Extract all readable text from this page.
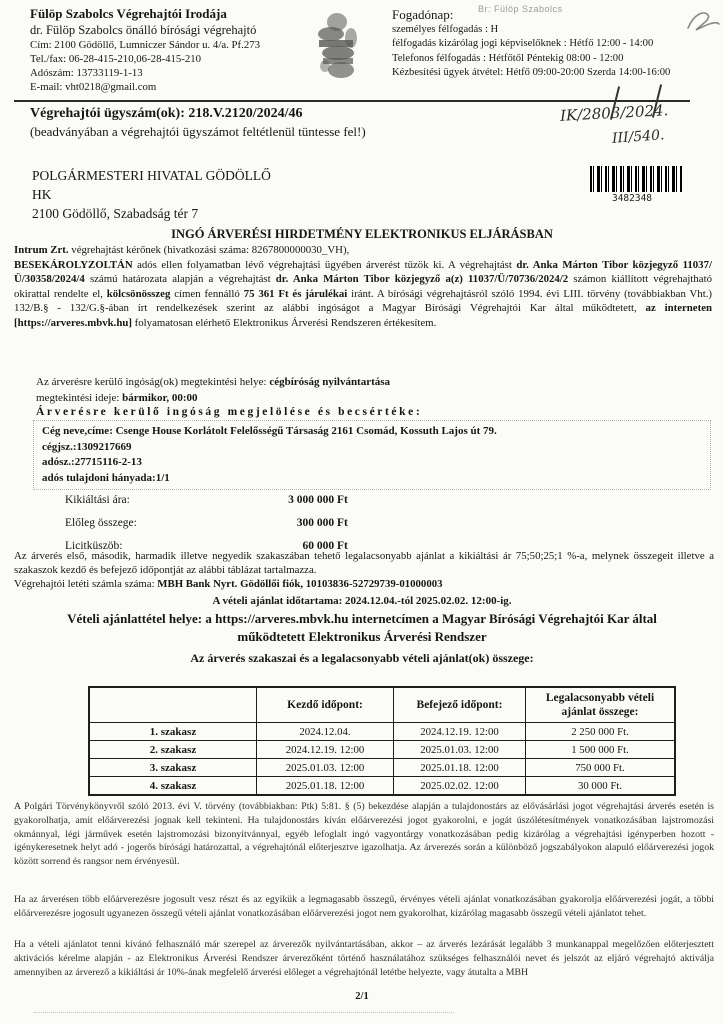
Fülöp Szabolcs Végrehajtói Irodája
dr. Fülöp Szabolcs önálló bírósági végrehajtó
Cím: 2100 Gödöllő, Lumniczer Sándor u. 4/a. Pf.273
Tel./fax: 06-28-415-210,06-28-415-210
Adószám: 13733119-1-13
E-mail: vht0218@gmail.com
Br: Fülöp Szabolcs
Fogadónap:
személyes félfogadás : H
félfogadás kizárólag jogi képviselőknek : Hétfő 12:00 - 14:00
Telefonos félfogadás : Hétfőtől Péntekig 08:00 - 12:00
Kézbesítési ügyek átvétel: Hétfő 09:00-20:00 Szerda 14:00-16:00
Végrehajtói ügyszám(ok): 218.V.2120/2024/46
(beadványában a végrehajtói ügyszámot feltétlenül tüntesse fel!)
IK/2803/2024.
III/540.
3482348
POLGÁRMESTERI HIVATAL GÖDÖLLŐ
HK
2100 Gödöllő, Szabadság tér 7
INGÓ ÁRVERÉSI HIRDETMÉNY ELEKTRONIKUS ELJÁRÁSBAN
Intrum Zrt. végrehajtást kérőnek (hivatkozási száma: 8267800000030_VH),
BESEKÁROLYZOLTÁN adós ellen folyamatban lévő végrehajtási ügyében árverést tűzök ki. A végrehajtást dr. Anka Márton Tibor közjegyző 11037/Ü/30358/2024/4 számú határozata alapján a végrehajtást dr. Anka Márton Tibor közjegyző a(z) 11037/Ü/70736/2024/2 számon kiállított végrehajtható okirattal rendelte el, kölcsönösszeg címen fennálló 75 361 Ft és járulékai iránt. A bírósági végrehajtásról szóló 1994. évi LIII. törvény (továbbiakban Vht.) 132/B.§ - 132/G.§-ában írt rendelkezések szerint az alábbi ingóságot a Magyar Bírósági Végrehajtói Kar által működtetett, az interneten [https://arveres.mbvk.hu] folyamatosan elérhető Elektronikus Árverési Rendszeren értékesítem.
Az árverésre kerülő ingóság(ok) megtekintési helye: cégbíróság nyilvántartása
megtekintési ideje: bármikor, 00:00
Árverésre kerülő ingóság megjelölése és becsértéke:
Cég neve,címe: Csenge House Korlátolt Felelősségű Társaság 2161 Csomád, Kossuth Lajos út 79.
cégjsz.:1309217669
adósz.:27715116-2-13
adós tulajdoni hányada:1/1
Kikiáltási ára:	3 000 000 Ft
Előleg összege:	300 000 Ft
Licitküszöb:	60 000 Ft
Az árverés első, második, harmadik illetve negyedik szakaszában tehető legalacsonyabb ajánlat a kikiáltási ár 75;50;25;1 %-a, melynek összegeit illetve a szakaszok kezdő és befejező időpontját az alábbi táblázat tartalmazza.
Végrehajtói letéti számla száma: MBH Bank Nyrt. Gödöllői fiók, 10103836-52729739-01000003
A vételi ajánlat időtartama: 2024.12.04.-tól 2025.02.02. 12:00-ig.
Vételi ajánlattétel helye: a https://arveres.mbvk.hu internetcímen a Magyar Bírósági Végrehajtói Kar által működtetett Elektronikus Árverési Rendszer
Az árverés szakaszai és a legalacsonyabb vételi ajánlat(ok) összege:
	Kezdő időpont:	Befejező időpont:	Legalacsonyabb vételi ajánlat összege:
1. szakasz	2024.12.04.	2024.12.19. 12:00	2 250 000 Ft.
2. szakasz	2024.12.19. 12:00	2025.01.03. 12:00	1 500 000 Ft.
3. szakasz	2025.01.03. 12:00	2025.01.18. 12:00	750 000 Ft.
4. szakasz	2025.01.18. 12:00	2025.02.02. 12:00	30 000 Ft.
A Polgári Törvénykönyvről szóló 2013. évi V. törvény (továbbiakban: Ptk) 5:81. § (5) bekezdése alapján a tulajdonostárs az elővásárlási jogot végrehajtási árverés esetén is gyakorolhatja, amit előárverezési jognak kell tekinteni. Ha tulajdonostárs kíván előárverezési jogot gyakorolni, e jogát úszólétesítmények vonatkozásában lajstromozási okmánnyal, légi járművek esetén lajstromozási bizonyítvánnyal, egyéb lefoglalt ingó vagyontárgy vonatkozásában pedig kizárólag a végrehajtási igényperben hozott - igénykeresetnek helyt adó - jogerős bírósági határozattal, a végrehajtónál előterjesztve igazolhatja. Az árverezés során a különböző jogszabályokon alapuló előárverezési jogok között sorrend és rangsor nem érvényesül.
Ha az árverésen több előárverezésre jogosult vesz részt és az egyikük a legmagasabb összegű, érvényes vételi ajánlat vonatkozásában gyakorolja előárverezési jogát, a többi előárverezésre jogosult ugyanezen összegű vételi ajánlat vonatkozásában előárverezési jogot nem gyakorolhat, kizárólag magasabb összegű vételi ajánlatot tehet.
Ha a vételi ajánlatot tenni kívánó felhasználó már szerepel az árverezők nyilvántartásában, akkor – az árverés lezárását legalább 3 munkanappal megelőzően előterjesztett aktivációs kérelme alapján - az Elektronikus Árverési Rendszer árverezőként történő használatához szükséges felhasználói nevet és jelszót az eljáró végrehajtó aktiválja amennyiben az árverező a kikiáltási ár 10%-ának megfelelő árverési előleget a végrehajtónál letétbe helyezte, vagy átutalta a MBH
2/1
